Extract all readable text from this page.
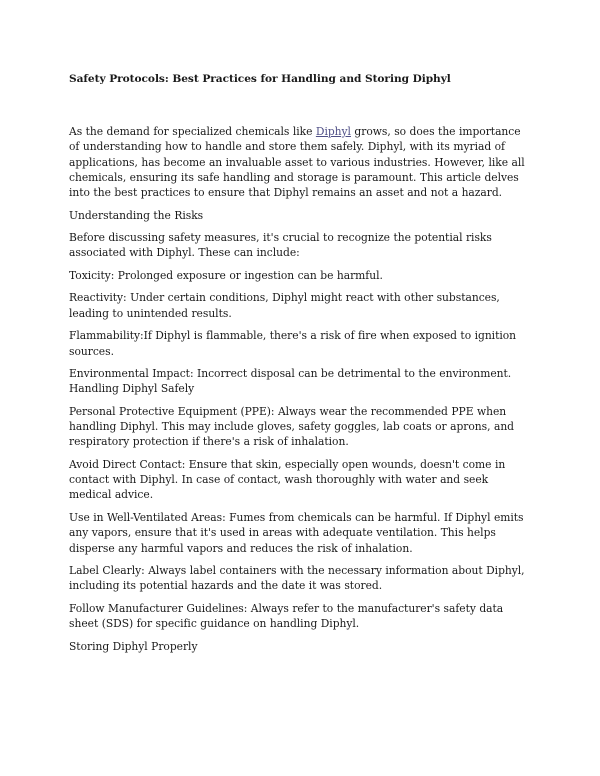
Safety Protocols: Best Practices for Handling and Storing Diphyl

As the demand for specialized chemicals like Diphyl grows, so does the importance of understanding how to handle and store them safely. Diphyl, with its myriad of applications, has become an invaluable asset to various industries. However, like all chemicals, ensuring its safe handling and storage is paramount. This article delves into the best practices to ensure that Diphyl remains an asset and not a hazard.

Understanding the Risks

Before discussing safety measures, it's crucial to recognize the potential risks associated with Diphyl. These can include:

Toxicity: Prolonged exposure or ingestion can be harmful.

Reactivity: Under certain conditions, Diphyl might react with other substances, leading to unintended results.

Flammability:If Diphyl is flammable, there's a risk of fire when exposed to ignition sources.

Environmental Impact: Incorrect disposal can be detrimental to the environment. Handling Diphyl Safely

Personal Protective Equipment (PPE): Always wear the recommended PPE when handling Diphyl. This may include gloves, safety goggles, lab coats or aprons, and respiratory protection if there's a risk of inhalation.

Avoid Direct Contact: Ensure that skin, especially open wounds, doesn't come in contact with Diphyl. In case of contact, wash thoroughly with water and seek medical advice.

Use in Well-Ventilated Areas: Fumes from chemicals can be harmful. If Diphyl emits any vapors, ensure that it's used in areas with adequate ventilation. This helps disperse any harmful vapors and reduces the risk of inhalation.

Label Clearly: Always label containers with the necessary information about Diphyl, including its potential hazards and the date it was stored.

Follow Manufacturer Guidelines: Always refer to the manufacturer's safety data sheet (SDS) for specific guidance on handling Diphyl.

Storing Diphyl Properly
